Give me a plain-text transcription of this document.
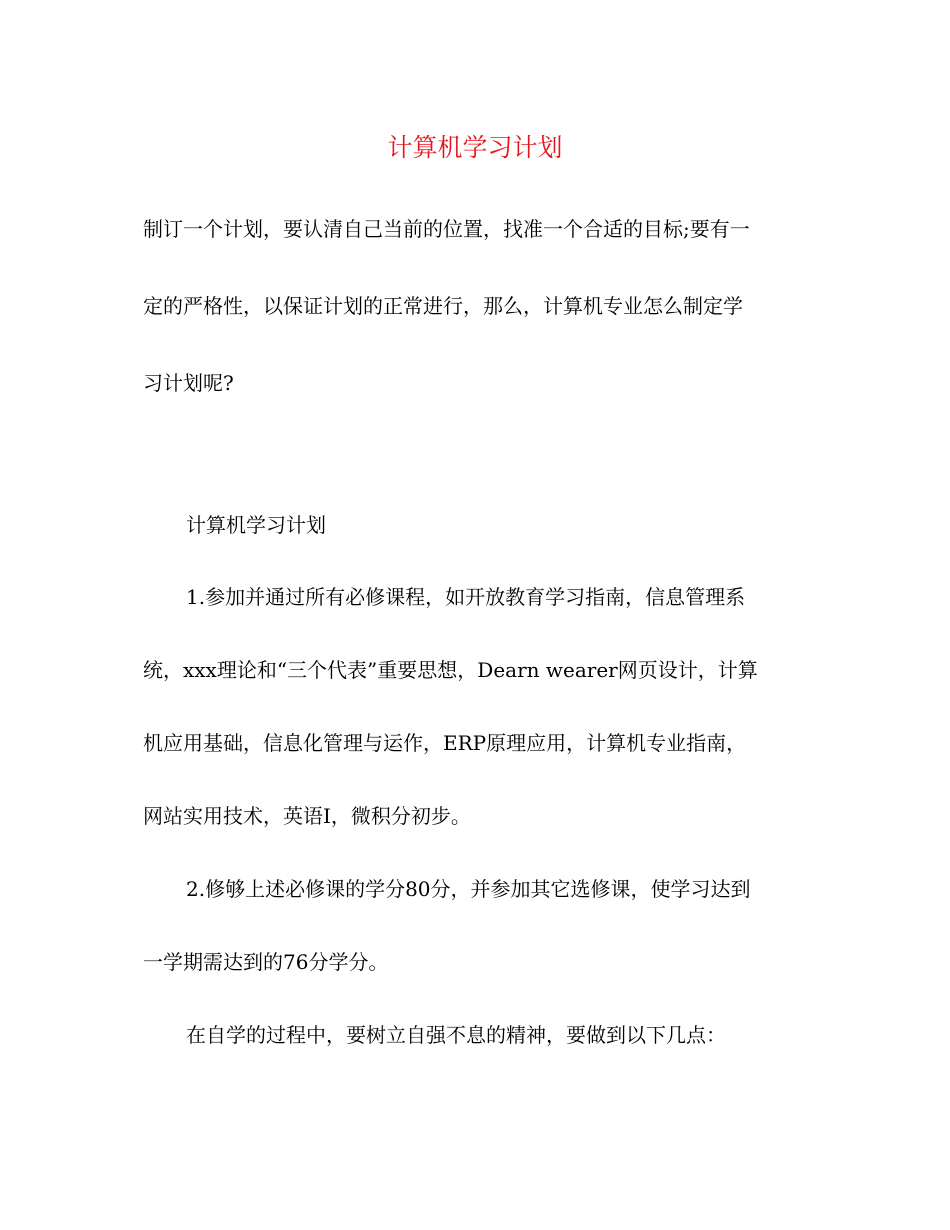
计算机学习计划
制订一个计划，要认清自己当前的位置，找准一个合适的目标;要有一
定的严格性，以保证计划的正常进行，那么，计算机专业怎么制定学
习计划呢?
计算机学习计划
1.参加并通过所有必修课程，如开放教育学习指南，信息管理系
统，xxx理论和“三个代表”重要思想，Dearn wearer网页设计，计算
机应用基础，信息化管理与运作，ERP原理应用，计算机专业指南，
网站实用技术，英语I，微积分初步。
2.修够上述必修课的学分80分，并参加其它选修课，使学习达到
一学期需达到的76分学分。
在自学的过程中，要树立自强不息的精神，要做到以下几点：
